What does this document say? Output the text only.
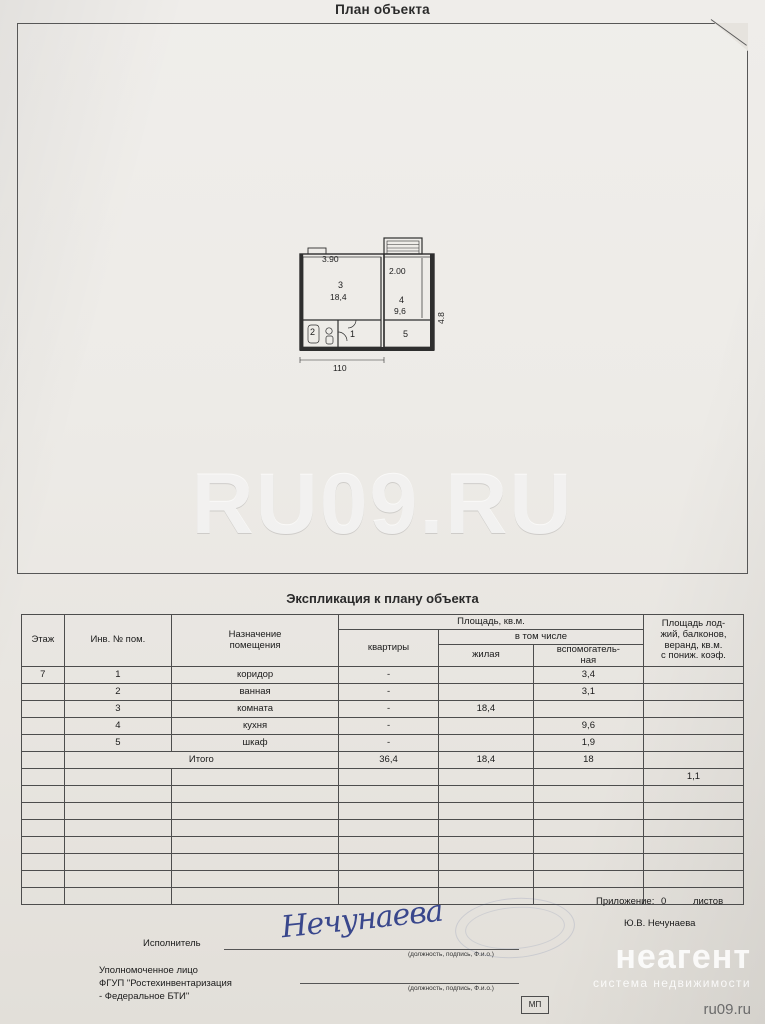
План объекта
3.90
2.00
4.8
110
3
18,4	4
9,6
2	1	5
RU09.RU
Экспликация к плану объекта
Этаж	Инв. № пом.	Назначение
помещения	Площадь, кв.м.			Площадь лод-
жий, балконов,
веранд, кв.м.
с пониж. коэф.
			квартиры	в том числе		
				жилая	вспомогатель-
ная	
7	1	коридор	-		3,4	
	2	ванная	-		3,1	
	3	комната	-	18,4		
	4	кухня	-		9,6	
	5	шкаф	-		1,9	
	Итого		36,4	18,4	18	
						1,1

Приложение: 0	листов
Ю.В. Нечунаева
Исполнитель
(должность, подпись, Ф.и.о.)
Уполномоченное лицо
ФГУП "Ростехинвентаризация
- Федеральное БТИ"
(должность, подпись, Ф.и.о.)
Нечунаева
МП
неагент
система недвижимости
ru09.ru
